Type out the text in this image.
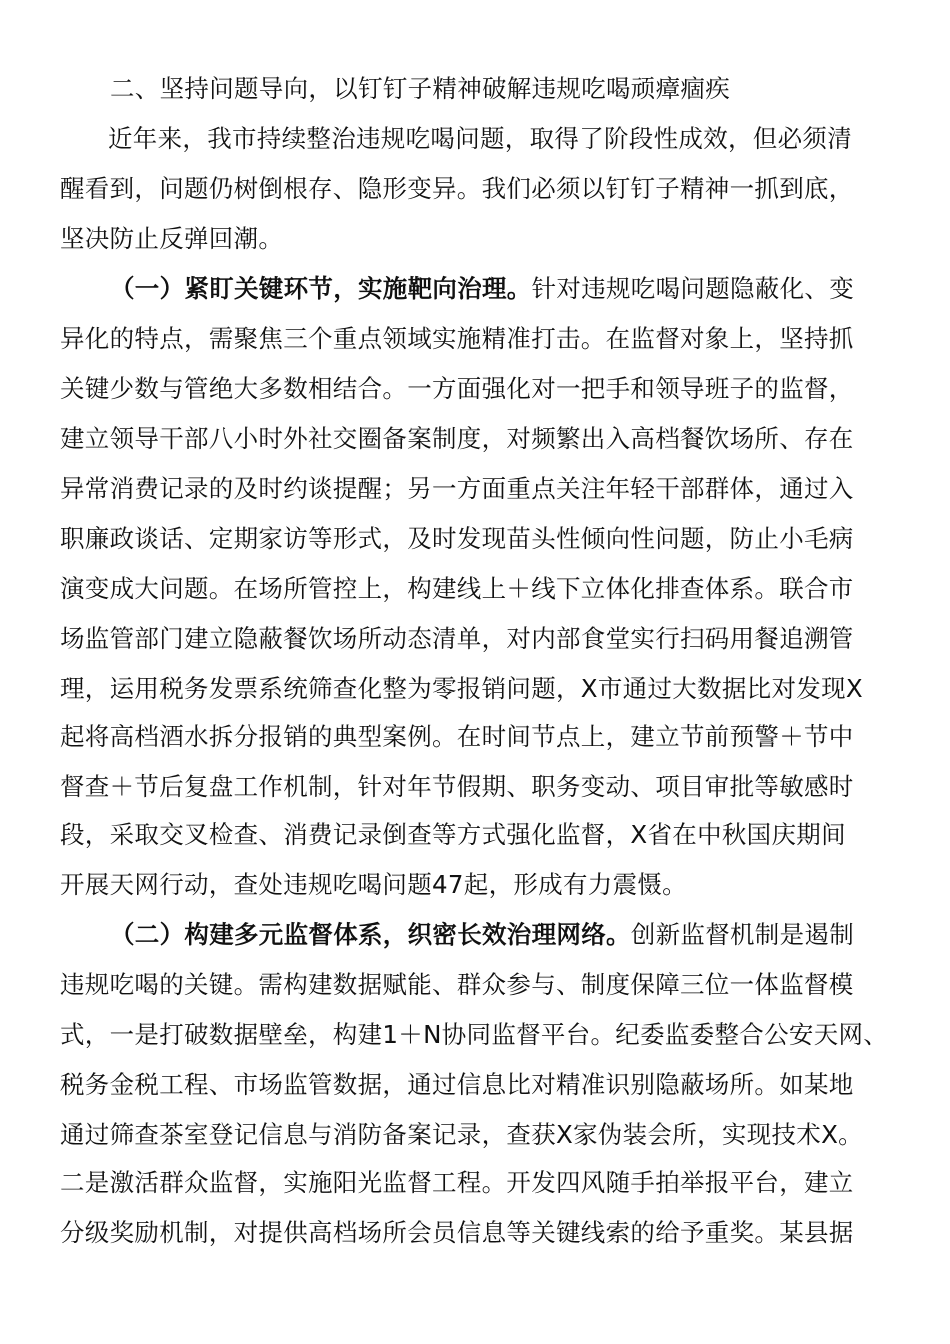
二、坚持问题导向，以钉钉子精神破解违规吃喝顽瘴痼疾
近年来，我市持续整治违规吃喝问题，取得了阶段性成效，但必须清
醒看到，问题仍树倒根存、隐形变异。我们必须以钉钉子精神一抓到底，
坚决防止反弹回潮。
（一）紧盯关键环节，实施靶向治理。针对违规吃喝问题隐蔽化、变
异化的特点，需聚焦三个重点领域实施精准打击。在监督对象上，坚持抓
关键少数与管绝大多数相结合。一方面强化对一把手和领导班子的监督，
建立领导干部八小时外社交圈备案制度，对频繁出入高档餐饮场所、存在
异常消费记录的及时约谈提醒；另一方面重点关注年轻干部群体，通过入
职廉政谈话、定期家访等形式，及时发现苗头性倾向性问题，防止小毛病
演变成大问题。在场所管控上，构建线上＋线下立体化排查体系。联合市
场监管部门建立隐蔽餐饮场所动态清单，对内部食堂实行扫码用餐追溯管
理，运用税务发票系统筛查化整为零报销问题，X市通过大数据比对发现X
起将高档酒水拆分报销的典型案例。在时间节点上，建立节前预警＋节中
督查＋节后复盘工作机制，针对年节假期、职务变动、项目审批等敏感时
段，采取交叉检查、消费记录倒查等方式强化监督，X省在中秋国庆期间
开展天网行动，查处违规吃喝问题47起，形成有力震慑。
（二）构建多元监督体系，织密长效治理网络。创新监督机制是遏制
违规吃喝的关键。需构建数据赋能、群众参与、制度保障三位一体监督模
式，一是打破数据壁垒，构建1＋N协同监督平台。纪委监委整合公安天网、
税务金税工程、市场监管数据，通过信息比对精准识别隐蔽场所。如某地
通过筛查茶室登记信息与消防备案记录，查获X家伪装会所，实现技术X。
二是激活群众监督，实施阳光监督工程。开发四风随手拍举报平台，建立
分级奖励机制，对提供高档场所会员信息等关键线索的给予重奖。某县据
